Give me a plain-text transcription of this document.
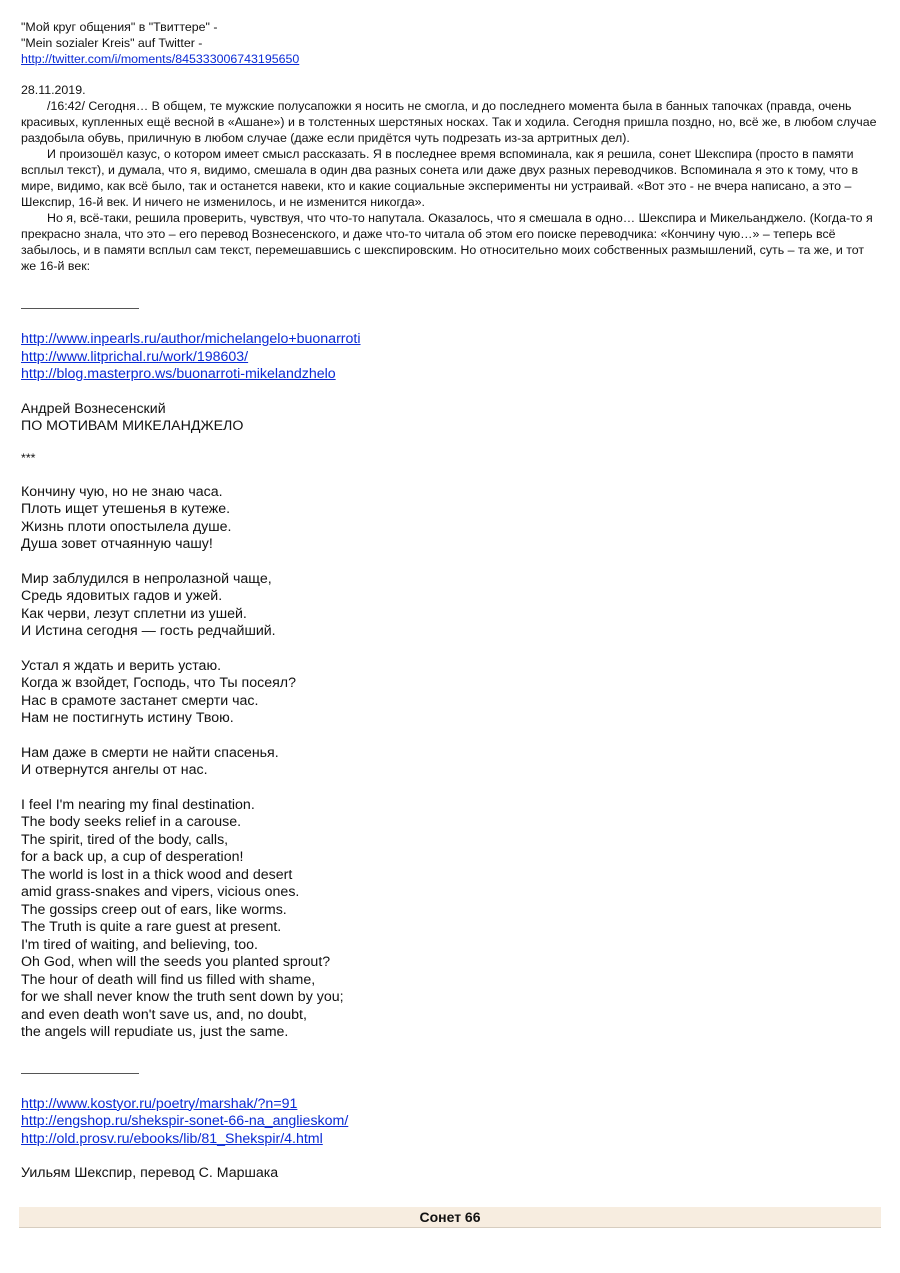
"Мой круг общения" в "Твиттере" -
"Mein sozialer Kreis" auf Twitter -
http://twitter.com/i/moments/845333006743195650
28.11.2019.

/16:42/ Сегодня… В общем, те мужские полусапожки я носить не смогла, и до последнего момента была в банных тапочках (правда, очень красивых, купленных ещё весной в «Ашане») и в толстенных шерстяных носках. Так и ходила. Сегодня пришла поздно, но, всё же, в любом случае раздобыла обувь, приличную в любом случае (даже если придётся чуть подрезать из-за артритных дел).

И произошёл казус, о котором имеет смысл рассказать. Я в последнее время вспоминала, как я решила, сонет Шекспира (просто в памяти всплыл текст), и думала, что я, видимо, смешала в один два разных сонета или даже двух разных переводчиков. Вспоминала я это к тому, что в мире, видимо, как всё было, так и останется навеки, кто и какие социальные эксперименты ни устраивай. «Вот это - не вчера написано, а это – Шекспир, 16-й век. И ничего не изменилось, и не изменится никогда».

Но я, всё-таки, решила проверить, чувствуя, что что-то напутала. Оказалось, что я смешала в одно… Шекспира и Микельанджело. (Когда-то я прекрасно знала, что это – его перевод Вознесенского, и даже что-то читала об этом его поиске переводчика: «Кончину чую…» – теперь всё забылось, и в памяти всплыл сам текст, перемешавшись с шекспировским. Но относительно моих собственных размышлений, суть – та же, и тот же 16-й век:

http://www.inpearls.ru/author/michelangelo+buonarroti
http://www.litprichal.ru/work/198603/
http://blog.masterpro.ws/buonarroti-mikelandzhelo
Андрей Вознесенский
ПО МОТИВАМ МИКЕЛАНДЖЕЛО
***
Кончину чую, но не знаю часа.
Плоть ищет утешенья в кутеже.
Жизнь плоти опостылела душе.
Душа зовет отчаянную чашу!
Мир заблудился в непролазной чаще,
Средь ядовитых гадов и ужей.
Как черви, лезут сплетни из ушей.
И Истина сегодня — гость редчайший.
Устал я ждать и верить устаю.
Когда ж взойдет, Господь, что Ты посеял?
Нас в срамоте застанет смерти час.
Нам не постигнуть истину Твою.
Нам даже в смерти не найти спасенья.
И отвернутся ангелы от нас.
I feel I'm nearing my final destination.
The body seeks relief in a carouse.
The spirit, tired of the body, calls,
for a back up, a cup of desperation!
The world is lost in a thick wood and desert
amid grass-snakes and vipers, vicious ones.
The gossips creep out of ears, like worms.
The Truth is quite a rare guest at present.
I'm tired of waiting, and believing, too.
Oh God, when will the seeds you planted sprout?
The hour of death will find us filled with shame,
for we shall never know the truth sent down by you;
and even death won't save us, and, no doubt,
the angels will repudiate us, just the same.
http://www.kostyor.ru/poetry/marshak/?n=91
http://engshop.ru/shekspir-sonet-66-na_anglieskom/
http://old.prosv.ru/ebooks/lib/81_Shekspir/4.html
Уильям Шекспир, перевод С. Маршака
Сонет 66
